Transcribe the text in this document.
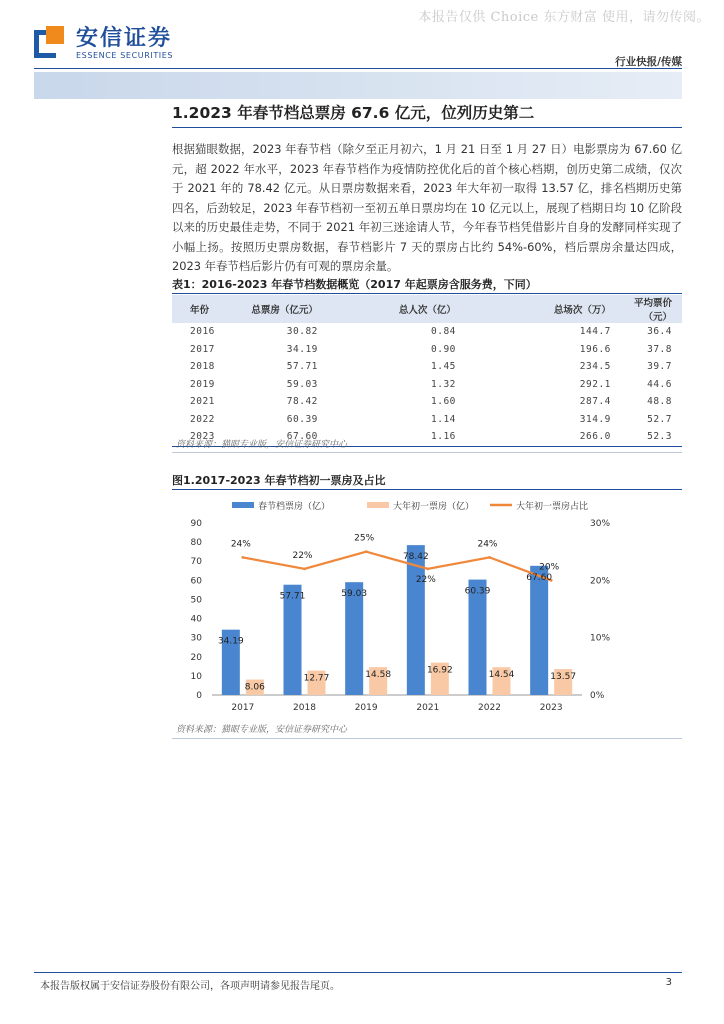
本报告仅供 Choice 东方财富 使用，请勿传阅。
安信证券
ESSENCE SECURITIES
行业快报/传媒
1.2023 年春节档总票房 67.6 亿元，位列历史第二
根据猫眼数据，2023 年春节档（除夕至正月初六，1 月 21 日至 1 月 27 日）电影票房为 67.60 亿元，超 2022 年水平，2023 年春节档作为疫情防控优化后的首个核心档期，创历史第二成绩，仅次于 2021 年的 78.42 亿元。从日票房数据来看，2023 年大年初一取得 13.57 亿，排名档期历史第四名，后劲较足，2023 年春节档初一至初五单日票房均在 10 亿元以上，展现了档期日均 10 亿阶段以来的历史最佳走势，不同于 2021 年初三迷途请人节，今年春节档凭借影片自身的发酵同样实现了小幅上扬。按照历史票房数据，春节档影片 7 天的票房占比约 54%-60%，档后票房余量达四成，2023 年春节档后影片仍有可观的票房余量。
表1：2016-2023 年春节档数据概览（2017 年起票房含服务费，下同）
年份	总票房（亿元）	总人次（亿）	总场次（万）	平均票价（元）
2016	30.82	0.84	144.7	36.4
2017	34.19	0.90	196.6	37.8
2018	57.71	1.45	234.5	39.7
2019	59.03	1.32	292.1	44.6
2021	78.42	1.60	287.4	48.8
2022	60.39	1.14	314.9	52.7
2023	67.60	1.16	266.0	52.3
资料来源：猫眼专业版，安信证券研究中心
图1.2017-2023 年春节档初一票房及占比
春节档票房（亿）	大年初一票房（亿）	大年初一票房占比
0
10
20
30
40
50
60
70
80
90
0%
10%
20%
30%
34.19
57.71	59.03
78.42
60.39
67.60
8.06
12.77	14.58	16.92	14.54	13.57
24%
22%
25%
22%
24%
20%
2017	2018	2019	2021	2022	2023
资料来源：猫眼专业版，安信证券研究中心
本报告版权属于安信证券股份有限公司，各项声明请参见报告尾页。	3
